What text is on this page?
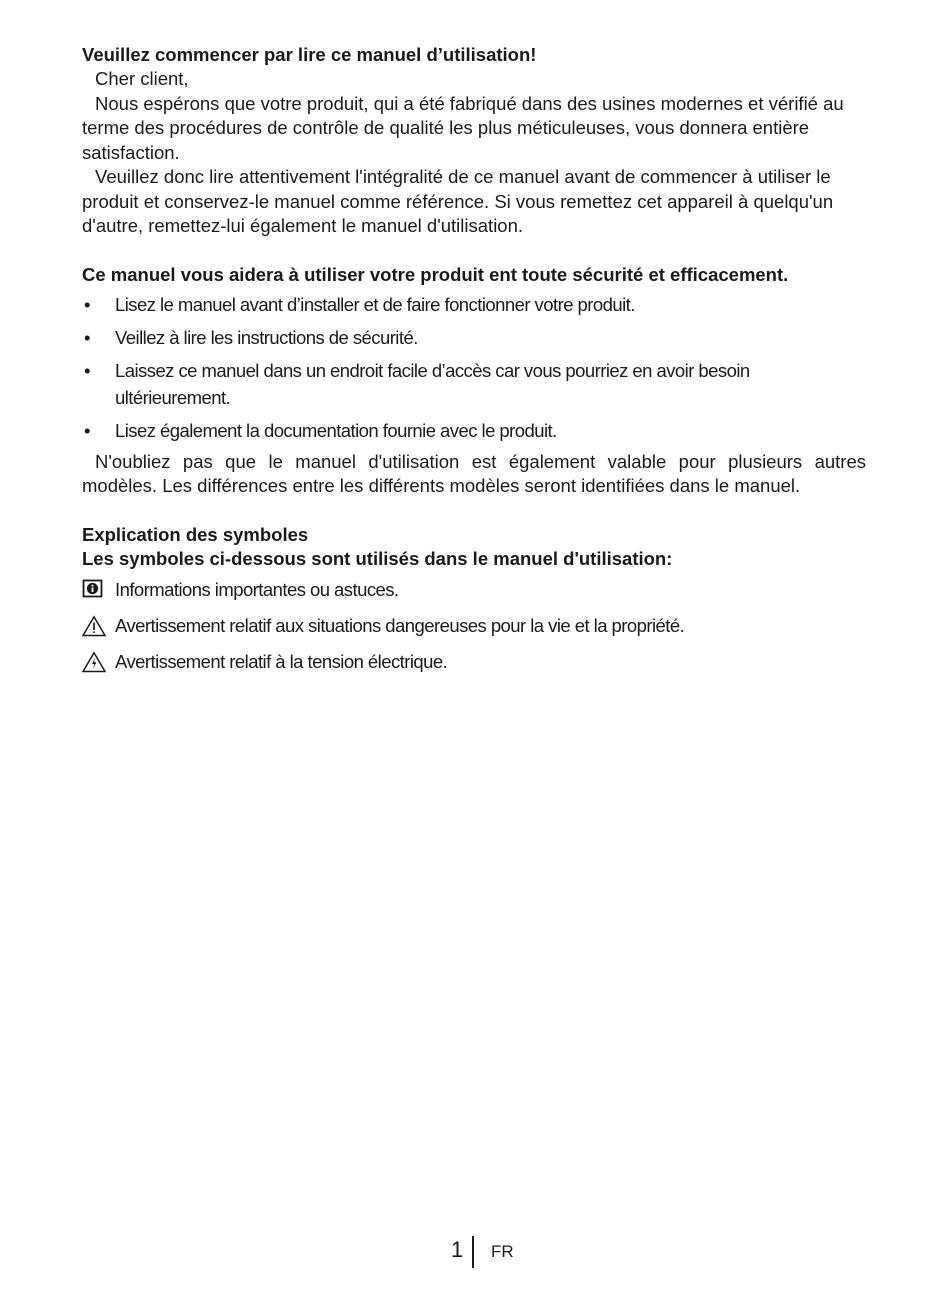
Veuillez commencer par lire ce manuel d’utilisation!

Cher client,

Nous espérons que votre produit, qui a été fabriqué dans des usines modernes et vérifié au terme des procédures de contrôle de qualité les plus méticuleuses, vous donnera entière satisfaction.

Veuillez donc lire attentivement l'intégralité de ce manuel avant de commencer à utiliser le produit et conservez-le manuel comme référence. Si vous remettez cet appareil à quelqu'un d'autre, remettez-lui également le manuel d'utilisation.

Ce manuel vous aidera à utiliser votre produit ent toute sécurité et efficacement.

• Lisez le manuel avant d’installer et de faire fonctionner votre produit.
• Veillez à lire les instructions de sécurité.
• Laissez ce manuel dans un endroit facile d’accès car vous pourriez en avoir besoin ultérieurement.
• Lisez également la documentation fournie avec le produit.

N'oubliez pas que le manuel d'utilisation est également valable pour plusieurs autres modèles. Les différences entre les différents modèles seront identifiées dans le manuel.

Explication des symboles

Les symboles ci-dessous sont utilisés dans le manuel d'utilisation:

Informations importantes ou astuces.
Avertissement relatif aux situations dangereuses pour la vie et la propriété.
Avertissement relatif à la tension électrique.
1 FR
